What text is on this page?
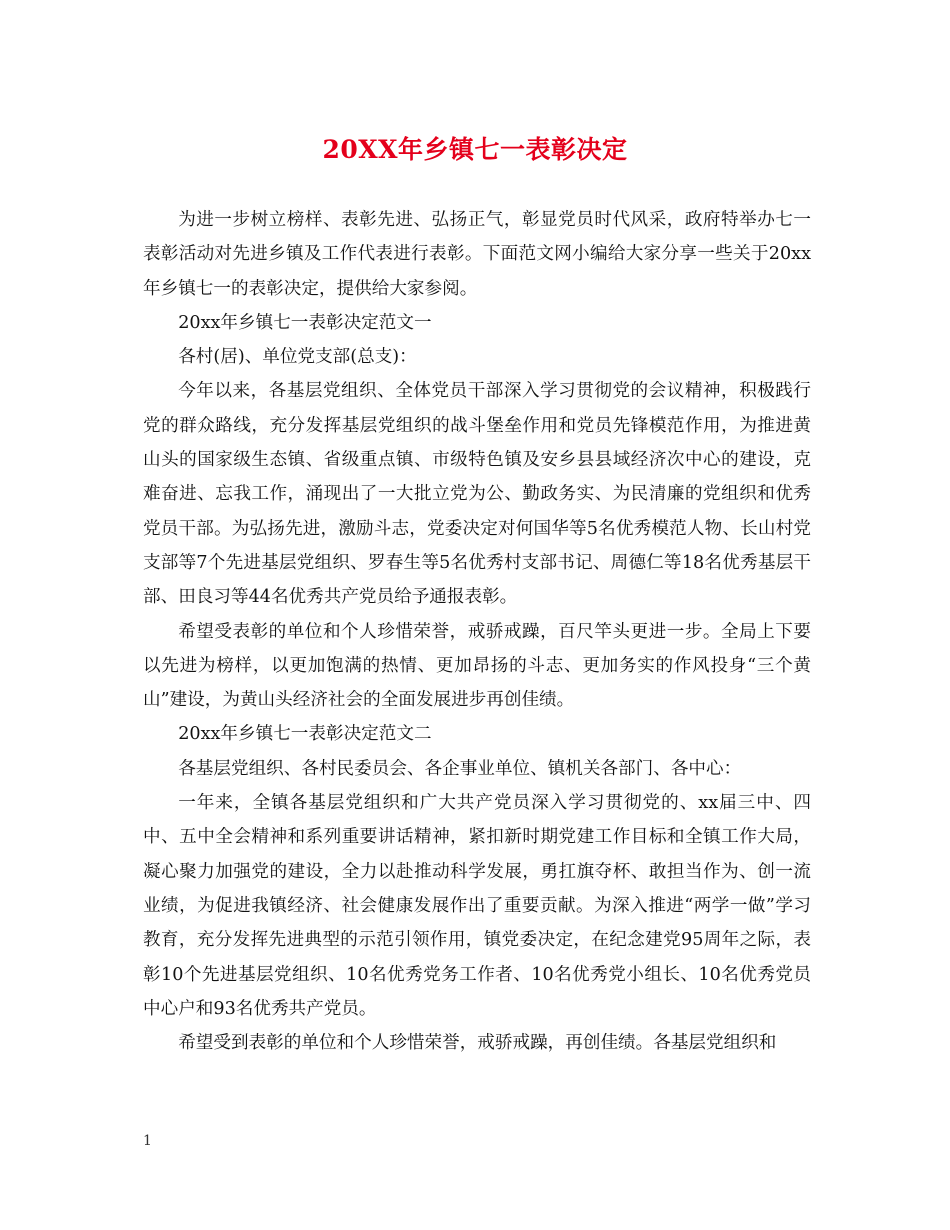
20XX年乡镇七一表彰决定

为进一步树立榜样、表彰先进、弘扬正气，彰显党员时代风采，政府特举办七一表彰活动对先进乡镇及工作代表进行表彰。下面范文网小编给大家分享一些关于20xx年乡镇七一的表彰决定，提供给大家参阅。

20xx年乡镇七一表彰决定范文一

各村(居)、单位党支部(总支)：

今年以来，各基层党组织、全体党员干部深入学习贯彻党的会议精神，积极践行党的群众路线，充分发挥基层党组织的战斗堡垒作用和党员先锋模范作用，为推进黄山头的国家级生态镇、省级重点镇、市级特色镇及安乡县县域经济次中心的建设，克难奋进、忘我工作，涌现出了一大批立党为公、勤政务实、为民清廉的党组织和优秀党员干部。为弘扬先进，激励斗志，党委决定对何国华等5名优秀模范人物、长山村党支部等7个先进基层党组织、罗春生等5名优秀村支部书记、周德仁等18名优秀基层干部、田良习等44名优秀共产党员给予通报表彰。

希望受表彰的单位和个人珍惜荣誉，戒骄戒躁，百尺竿头更进一步。全局上下要以先进为榜样，以更加饱满的热情、更加昂扬的斗志、更加务实的作风投身“三个黄山”建设，为黄山头经济社会的全面发展进步再创佳绩。

20xx年乡镇七一表彰决定范文二

各基层党组织、各村民委员会、各企事业单位、镇机关各部门、各中心：

一年来，全镇各基层党组织和广大共产党员深入学习贯彻党的、xx届三中、四中、五中全会精神和系列重要讲话精神，紧扣新时期党建工作目标和全镇工作大局，凝心聚力加强党的建设，全力以赴推动科学发展，勇扛旗夺杯、敢担当作为、创一流业绩，为促进我镇经济、社会健康发展作出了重要贡献。为深入推进“两学一做”学习教育，充分发挥先进典型的示范引领作用，镇党委决定，在纪念建党95周年之际，表彰10个先进基层党组织、10名优秀党务工作者、10名优秀党小组长、10名优秀党员中心户和93名优秀共产党员。

希望受到表彰的单位和个人珍惜荣誉，戒骄戒躁，再创佳绩。各基层党组织和

1
